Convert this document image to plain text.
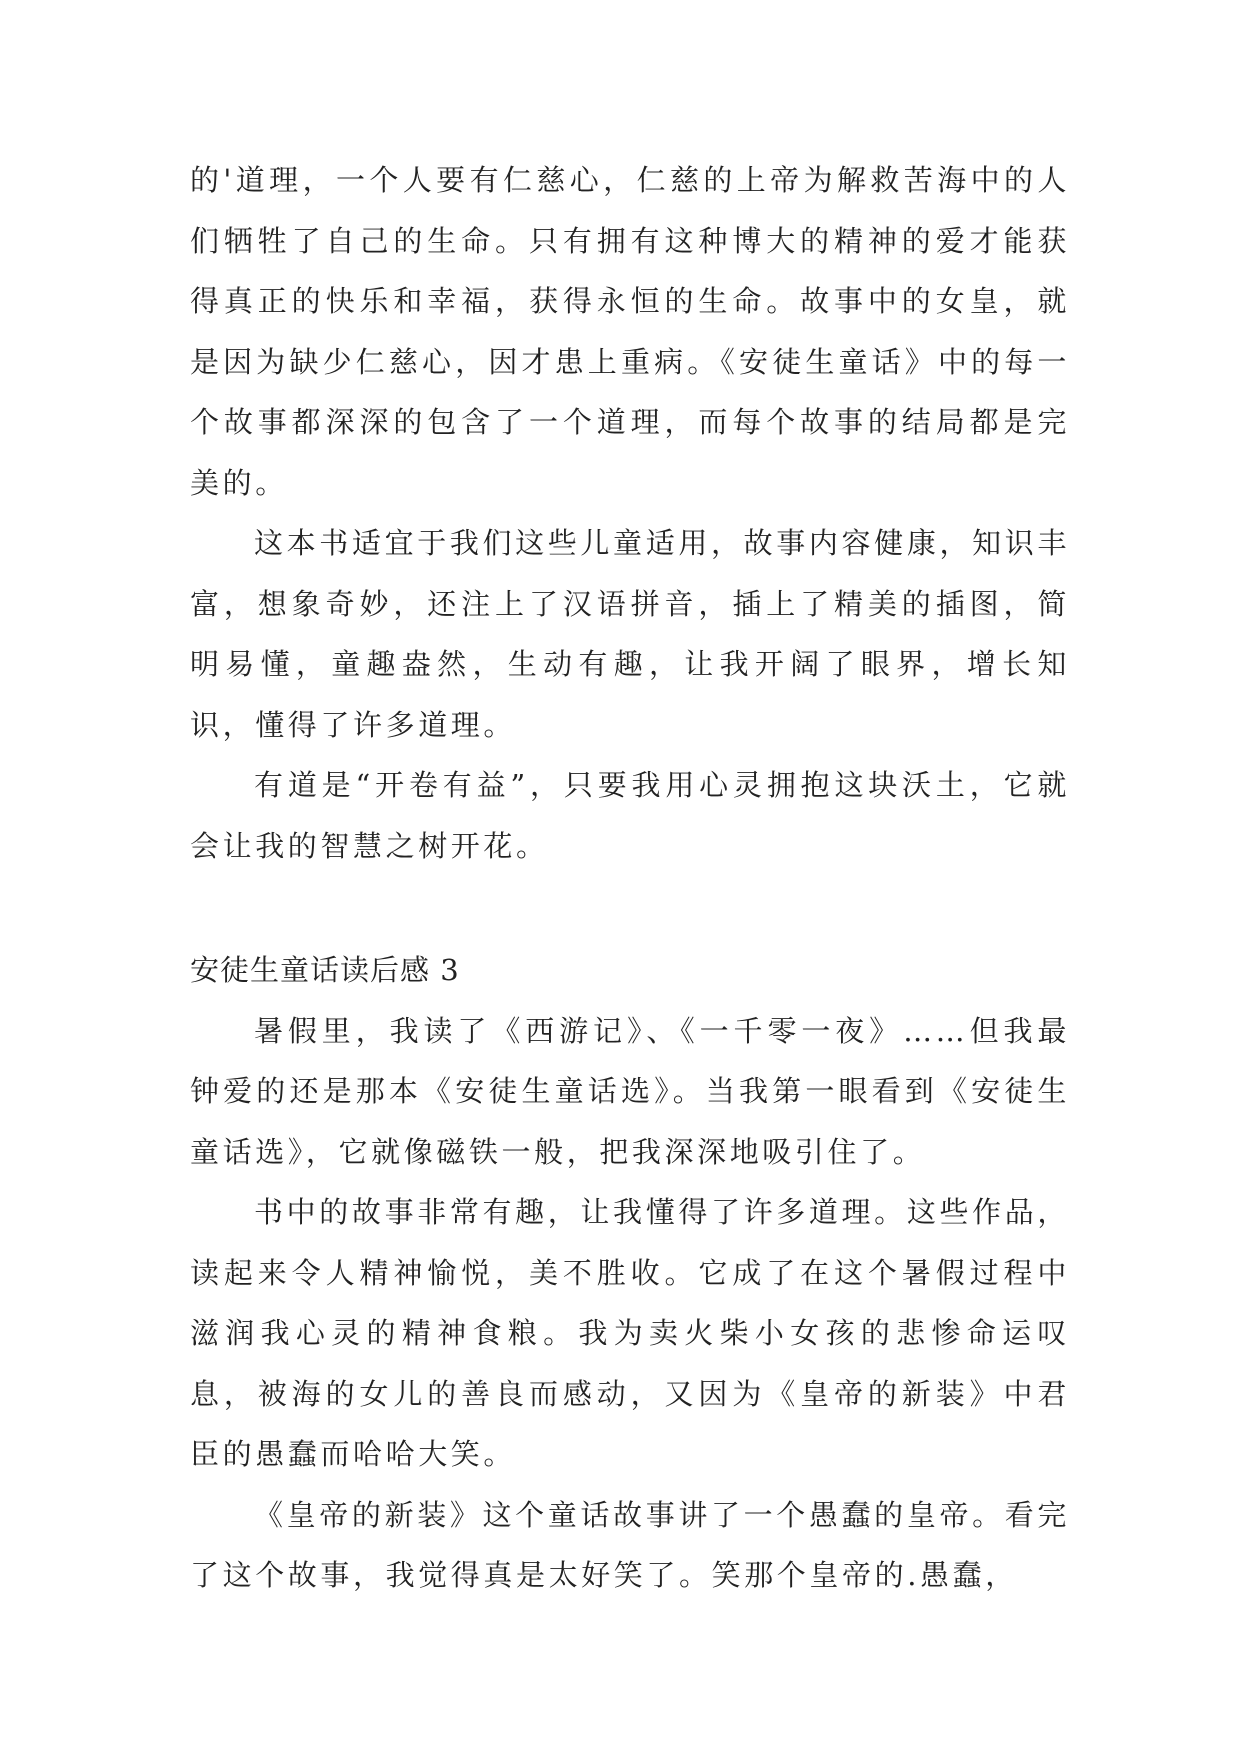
的'道理，一个人要有仁慈心，仁慈的上帝为解救苦海中的人们牺牲了自己的生命。只有拥有这种博大的精神的爱才能获得真正的快乐和幸福，获得永恒的生命。故事中的女皇，就是因为缺少仁慈心，因才患上重病。《安徒生童话》中的每一个故事都深深的包含了一个道理，而每个故事的结局都是完美的。

这本书适宜于我们这些儿童适用，故事内容健康，知识丰富，想象奇妙，还注上了汉语拼音，插上了精美的插图，简明易懂，童趣盎然，生动有趣，让我开阔了眼界，增长知识，懂得了许多道理。

有道是“开卷有益”，只要我用心灵拥抱这块沃土，它就会让我的智慧之树开花。

安徒生童话读后感 3

暑假里，我读了《西游记》、《一千零一夜》……但我最钟爱的还是那本《安徒生童话选》。当我第一眼看到《安徒生童话选》，它就像磁铁一般，把我深深地吸引住了。

书中的故事非常有趣，让我懂得了许多道理。这些作品，读起来令人精神愉悦，美不胜收。它成了在这个暑假过程中滋润我心灵的精神食粮。我为卖火柴小女孩的悲惨命运叹息，被海的女儿的善良而感动，又因为《皇帝的新装》中君臣的愚蠢而哈哈大笑。

《皇帝的新装》这个童话故事讲了一个愚蠢的皇帝。看完了这个故事，我觉得真是太好笑了。笑那个皇帝的.愚蠢，
